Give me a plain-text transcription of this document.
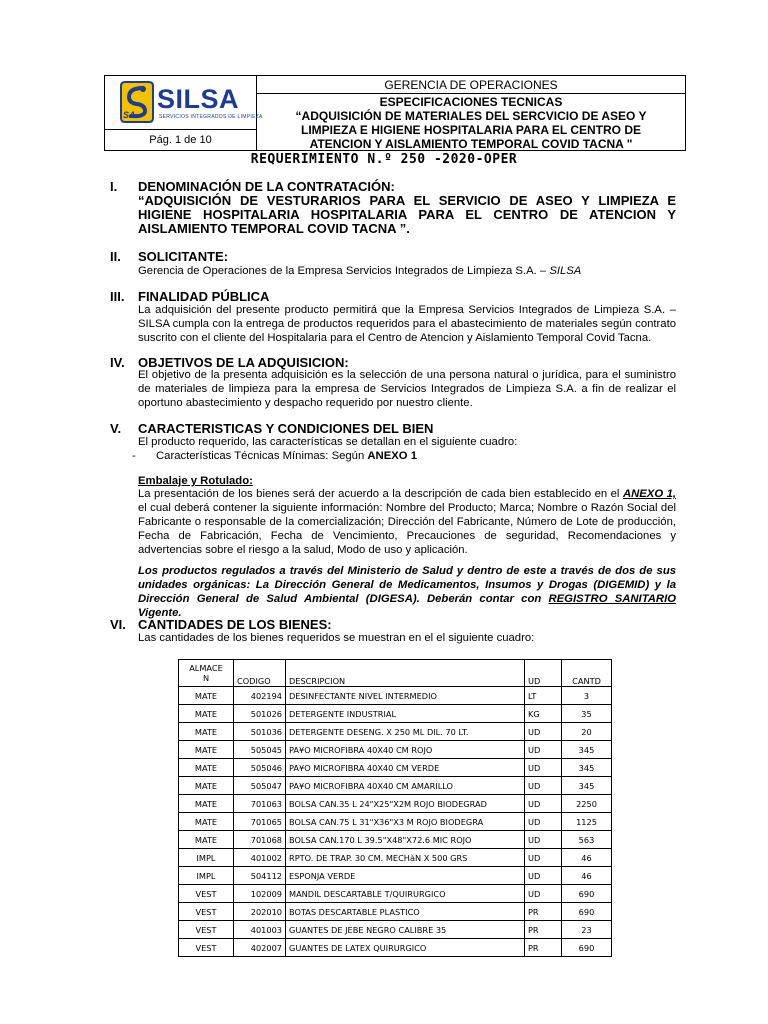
SILSA
SERVICIOS INTEGRADOS DE LIMPIEZA
SA
Pág. 1 de 10
GERENCIA DE OPERACIONES
ESPECIFICACIONES TECNICAS
“ADQUISICIÓN DE MATERIALES DEL SERCVICIO DE ASEO Y
LIMPIEZA E HIGIENE HOSPITALARIA PARA EL CENTRO DE
ATENCION Y AISLAMIENTO TEMPORAL COVID TACNA "
REQUERIMIENTO N.º 250 -2020-OPER
I. DENOMINACIÓN DE LA CONTRATACIÓN:
“ADQUISICIÓN DE VESTURARIOS PARA EL SERVICIO DE ASEO Y LIMPIEZA E HIGIENE HOSPITALARIA HOSPITALARIA PARA EL CENTRO DE ATENCION Y AISLAMIENTO TEMPORAL COVID TACNA ”.
II. SOLICITANTE:
Gerencia de Operaciones de la Empresa Servicios Integrados de Limpieza S.A. – SILSA
III. FINALIDAD PÚBLICA
La adquisición del presente producto permitirá que la Empresa Servicios Integrados de Limpieza S.A. – SILSA cumpla con la entrega de productos requeridos para el abastecimiento de materiales según contrato suscrito con el cliente del Hospitalaria para el Centro de Atencion y Aislamiento Temporal Covid Tacna.
IV. OBJETIVOS DE LA ADQUISICION:
El objetivo de la presenta adquisición es la selección de una persona natural o jurídica, para el suministro de materiales de limpieza para la empresa de Servicios Integrados de Limpieza S.A. a fin de realizar el oportuno abastecimiento y despacho requerido por nuestro cliente.
V. CARACTERISTICAS Y CONDICIONES DEL BIEN
El producto requerido, las características se detallan en el siguiente cuadro:
- Características Técnicas Mínimas: Según ANEXO 1
Embalaje y Rotulado:
La presentación de los bienes será der acuerdo a la descripción de cada bien establecido en el ANEXO 1, el cual deberá contener la siguiente información: Nombre del Producto; Marca; Nombre o Razón Social del Fabricante o responsable de la comercialización; Dirección del Fabricante, Número de Lote de producción, Fecha de Fabricación, Fecha de Vencimiento, Precauciones de seguridad, Recomendaciones y advertencias sobre el riesgo a la salud, Modo de uso y aplicación.
Los productos regulados a través del Ministerio de Salud y dentro de este a través de dos de sus unidades orgánicas: La Dirección General de Medicamentos, Insumos y Drogas (DIGEMID) y la Dirección General de Salud Ambiental (DIGESA). Deberán contar con REGISTRO SANITARIO Vigente.
VI. CANTIDADES DE LOS BIENES:
Las cantidades de los bienes requeridos se muestran en el el siguiente cuadro:
ALMACE
N	CODIGO	DESCRIPCION	UD	CANTD
MATE	402194	DESINFECTANTE NIVEL INTERMEDIO	LT	3
MATE	501026	DETERGENTE INDUSTRIAL	KG	35
MATE	501036	DETERGENTE DESENG. X 250 ML DIL. 70 LT.	UD	20
MATE	505045	PA¥O MICROFIBRA 40X40 CM ROJO	UD	345
MATE	505046	PA¥O MICROFIBRA 40X40 CM VERDE	UD	345
MATE	505047	PA¥O MICROFIBRA 40X40 CM AMARILLO	UD	345
MATE	701063	BOLSA CAN.35 L 24"X25"X2M ROJO BIODEGRAD	UD	2250
MATE	701065	BOLSA CAN.75 L 31"X36"X3 M ROJO BIODEGRA	UD	1125
MATE	701068	BOLSA CAN.170 L 39.5"X48"X72.6 MIC ROJO	UD	563
IMPL	401002	RPTO. DE TRAP. 30 CM. MECHàN X 500 GRS	UD	46
IMPL	504112	ESPONJA VERDE	UD	46
VEST	102009	MANDIL DESCARTABLE T/QUIRURGICO	UD	690
VEST	202010	BOTAS DESCARTABLE PLASTICO	PR	690
VEST	401003	GUANTES DE JEBE NEGRO CALIBRE 35	PR	23
VEST	402007	GUANTES DE LATEX QUIRURGICO	PR	690
